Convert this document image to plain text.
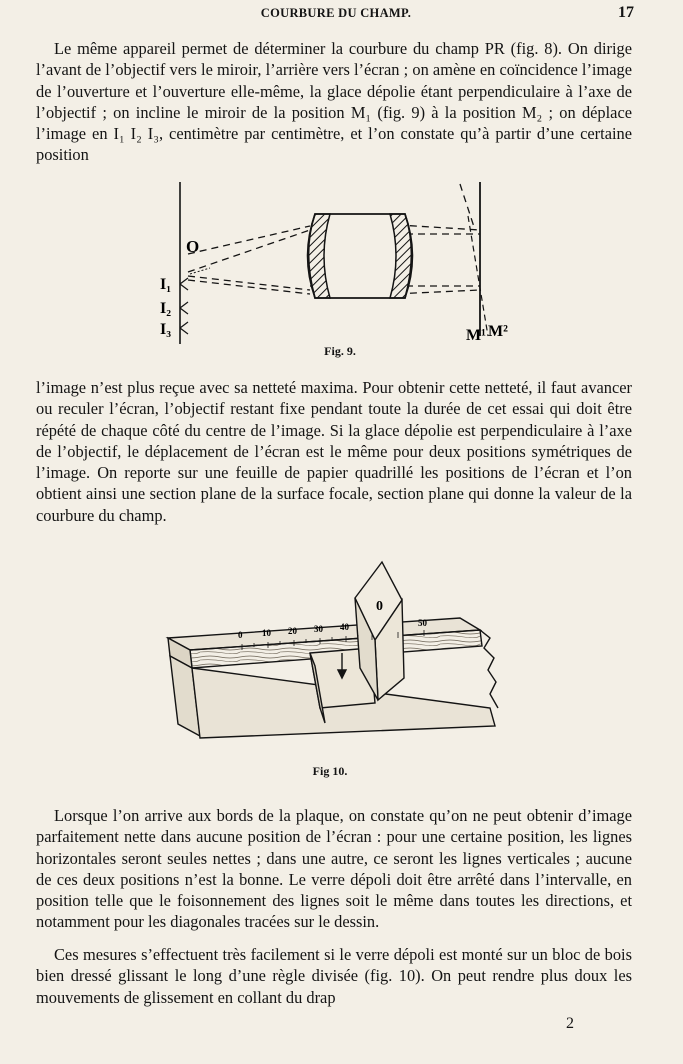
COURBURE DU CHAMP.	17

Le même appareil permet de déterminer la courbure du champ PR (fig. 8). On dirige l’avant de l’objectif vers le miroir, l’arrière vers l’écran ; on amène en coïncidence l’image de l’ouverture et l’ouverture elle-même, la glace dépolie étant perpendiculaire à l’axe de l’objectif ; on incline le miroir de la position M₁ (fig. 9) à la position M₂ ; on déplace l’image en I₁ I₂ I₃, centimètre par centimètre, et l’on constate qu’à partir d’une certaine position

O
I₁
I₂
I₃	M¹ M²
Fig. 9.

l’image n’est plus reçue avec sa netteté maxima. Pour obtenir cette netteté, il faut avancer ou reculer l’écran, l’objectif restant fixe pendant toute la durée de cet essai qui doit être répété de chaque côté du centre de l’image. Si la glace dépolie est perpendiculaire à l’axe de l’objectif, le déplacement de l’écran est le même pour deux positions symétriques de l’image. On reporte sur une feuille de papier quadrillé les positions de l’écran et l’on obtient ainsi une section plane de la surface focale, section plane qui donne la valeur de la courbure du champ.

0 10 20 30 40	50
0
Fig 10.

Lorsque l’on arrive aux bords de la plaque, on constate qu’on ne peut obtenir d’image parfaitement nette dans aucune position de l’écran : pour une certaine position, les lignes horizontales seront seules nettes ; dans une autre, ce seront les lignes verticales ; aucune de ces deux positions n’est la bonne. Le verre dépoli doit être arrêté dans l’intervalle, en position telle que le foisonnement des lignes soit le même dans toutes les directions, et notamment pour les diagonales tracées sur le dessin.

Ces mesures s’effectuent très facilement si le verre dépoli est monté sur un bloc de bois bien dressé glissant le long d’une règle divisée (fig. 10). On peut rendre plus doux les mouvements de glissement en collant du drap

2
